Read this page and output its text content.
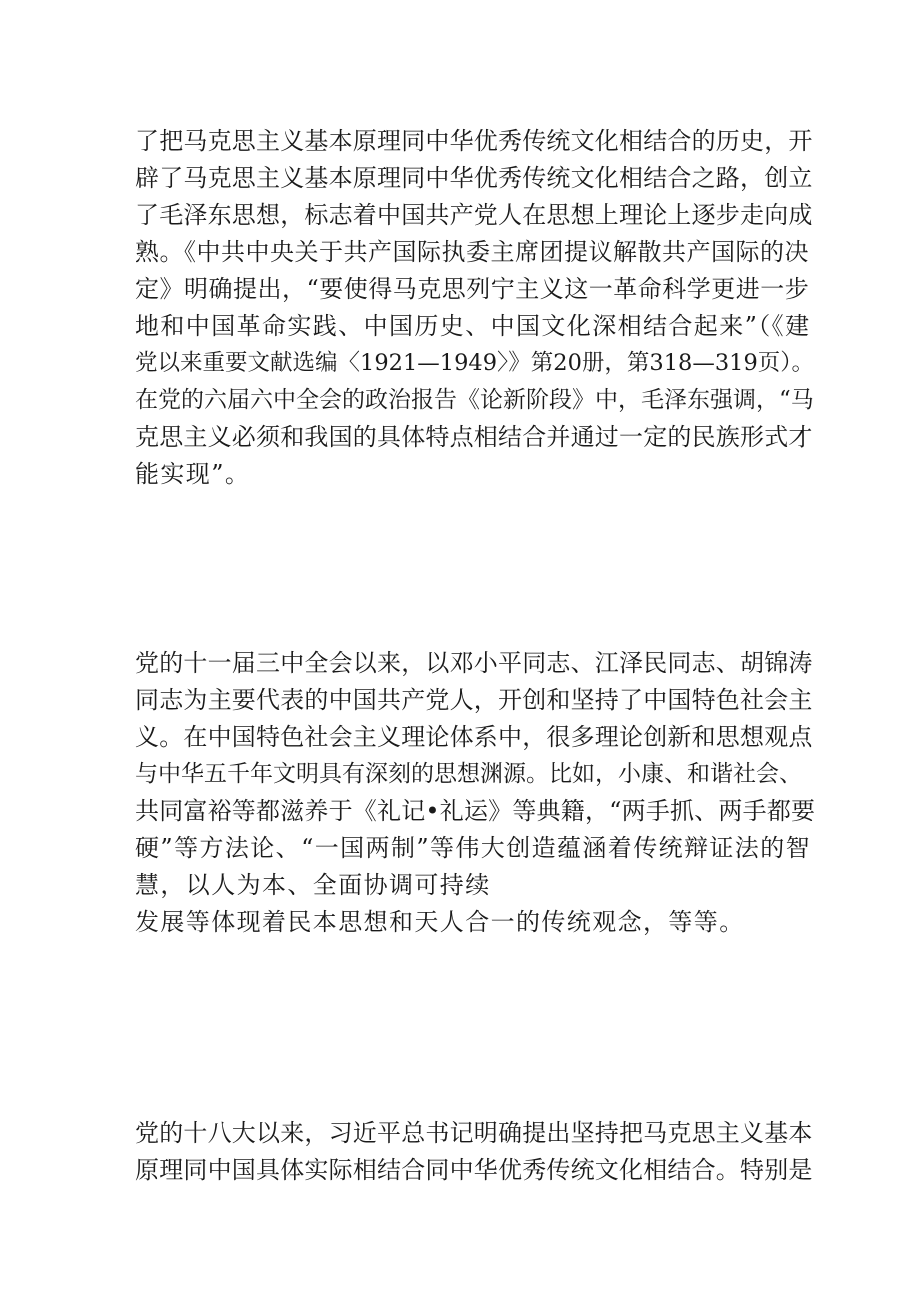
了把马克思主义基本原理同中华优秀传统文化相结合的历史，开
辟了马克思主义基本原理同中华优秀传统文化相结合之路，创立
了毛泽东思想，标志着中国共产党人在思想上理论上逐步走向成
熟。《中共中央关于共产国际执委主席团提议解散共产国际的决
定》明确提出，“要使得马克思列宁主义这一革命科学更进一步
地和中国革命实践、中国历史、中国文化深相结合起来”（《建
党以来重要文献选编〈1921—1949〉》第20册，第318—319页）。
在党的六届六中全会的政治报告《论新阶段》中，毛泽东强调，“马
克思主义必须和我国的具体特点相结合并通过一定的民族形式才
能实现”。
党的十一届三中全会以来，以邓小平同志、江泽民同志、胡锦涛
同志为主要代表的中国共产党人，开创和坚持了中国特色社会主
义。在中国特色社会主义理论体系中，很多理论创新和思想观点
与中华五千年文明具有深刻的思想渊源。比如，小康、和谐社会、
共同富裕等都滋养于《礼记•礼运》等典籍，“两手抓、两手都要
硬”等方法论、“一国两制”等伟大创造蕴涵着传统辩证法的智
慧，以人为本、全面协调可持续
发展等体现着民本思想和天人合一的传统观念，等等。
党的十八大以来，习近平总书记明确提出坚持把马克思主义基本
原理同中国具体实际相结合同中华优秀传统文化相结合。特别是
